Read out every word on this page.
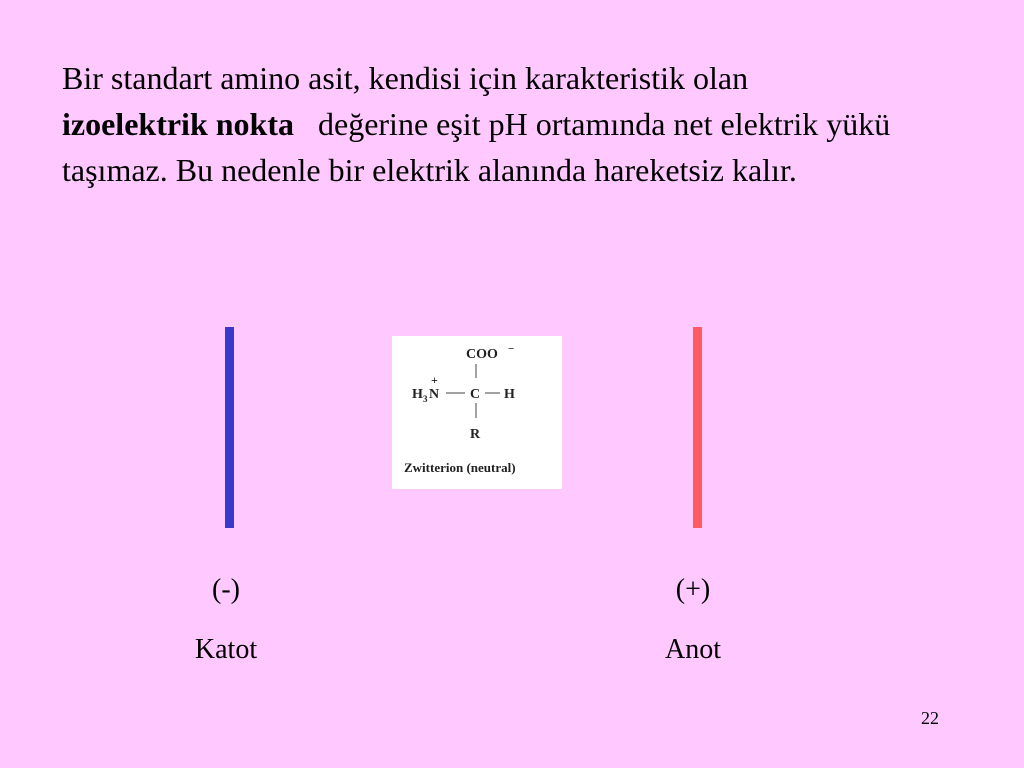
Bir standart amino asit, kendisi için karakteristik olan
izoelektrik nokta değerine eşit pH ortamında net elektrik yükü taşımaz. Bu nedenle bir elektrik alanında hareketsiz kalır.

COO −
H 3 N
+
C H
R
Zwitterion (neutral)
(-)
Katot
(+)
Anot
22
